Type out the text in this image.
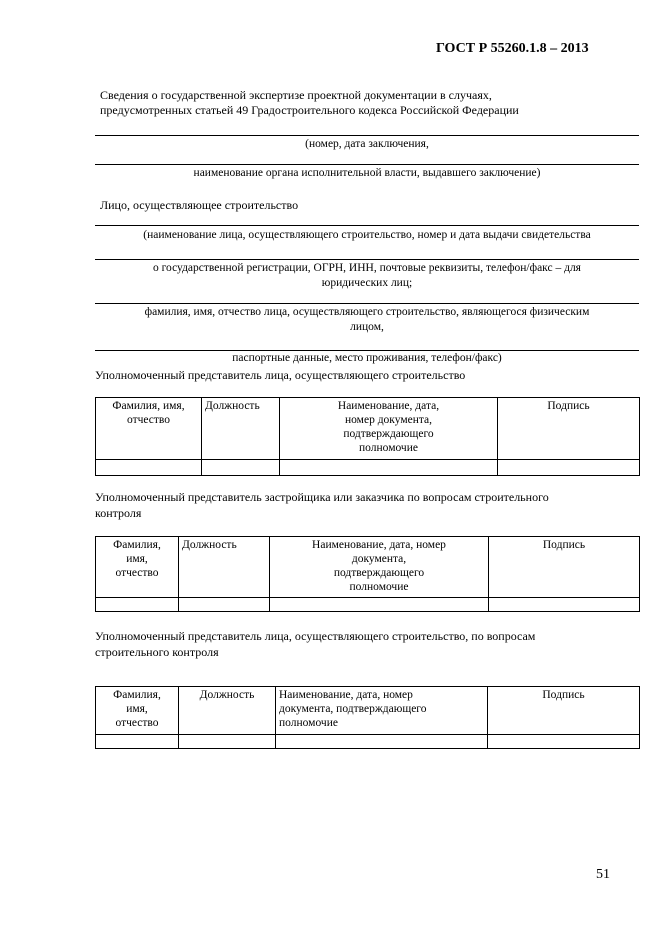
ГОСТ Р 55260.1.8 – 2013
Сведения о государственной экспертизе проектной документации в случаях,
предусмотренных статьей 49 Градостроительного кодекса Российской Федерации
(номер, дата заключения,
наименование органа исполнительной власти, выдавшего заключение)
Лицо, осуществляющее строительство
(наименование лица, осуществляющего строительство, номер и дата выдачи свидетельства
о государственной регистрации, ОГРН, ИНН, почтовые реквизиты, телефон/факс – для
юридических лиц;
фамилия, имя, отчество лица, осуществляющего строительство, являющегося физическим
лицом,
паспортные данные, место проживания, телефон/факс)
Уполномоченный представитель лица, осуществляющего строительство
Фамилия, имя,
отчество	Должность	Наименование, дата,
номер документа,
подтверждающего
полномочие	Подпись

Уполномоченный представитель застройщика или заказчика по вопросам строительного
контроля
Фамилия,
имя,
отчество	Должность	Наименование, дата, номер
документа,
подтверждающего
полномочие	Подпись

Уполномоченный представитель лица, осуществляющего строительство, по вопросам
строительного контроля
Фамилия,
имя,
отчество	Должность	Наименование, дата, номер
документа, подтверждающего
полномочие	Подпись

51
